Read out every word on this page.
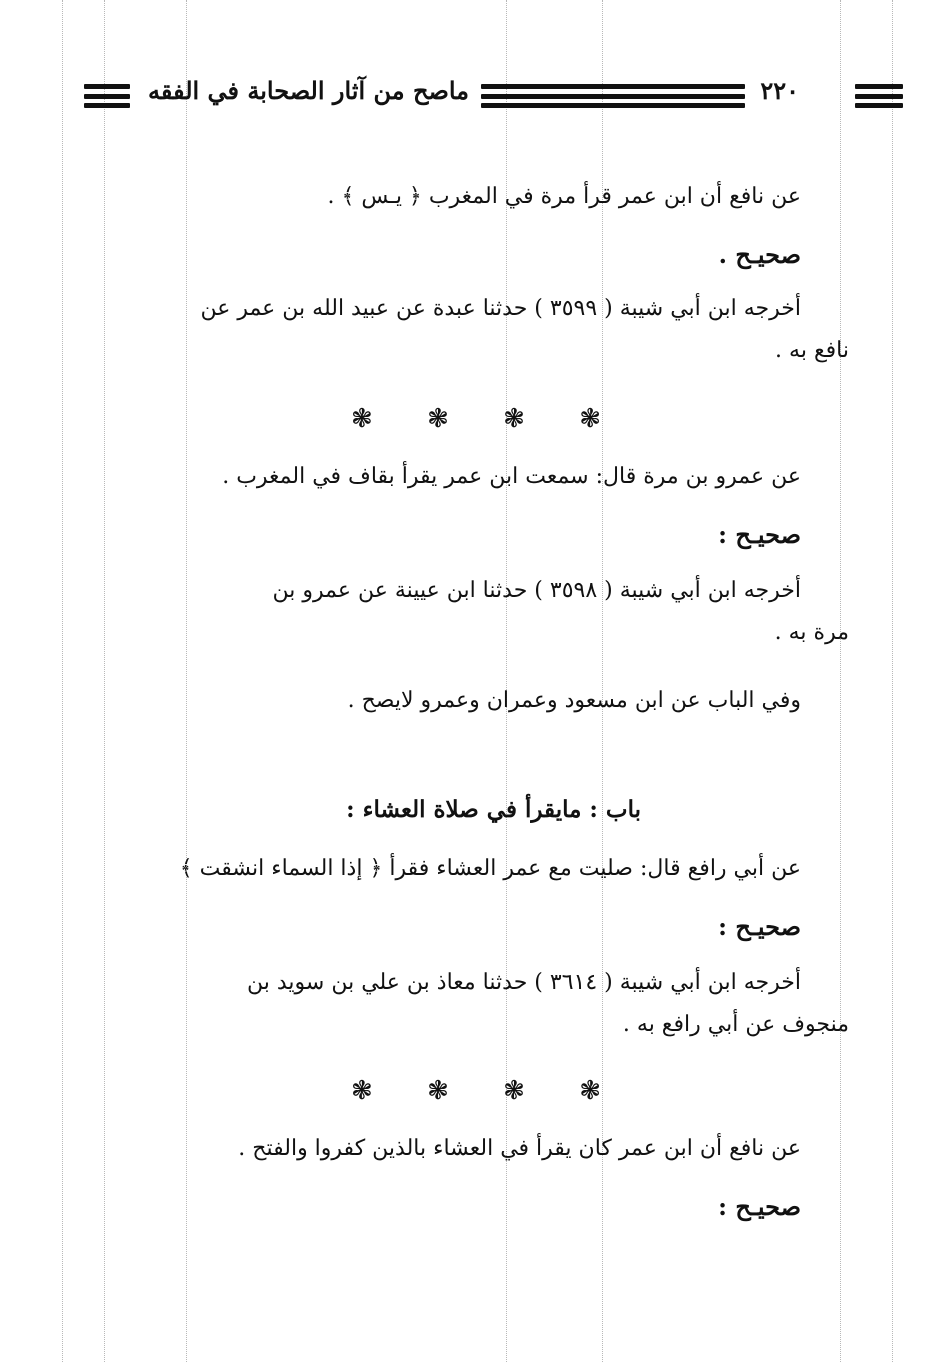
٢٢٠
ماصح من آثار الصحابة في الفقه
عن نافع أن ابن عمر قرأ مرة في المغرب ﴿ يـس ﴾ .
صحيـح .
أخرجه ابن أبي شيبة ( ٣٥٩٩ ) حدثنا عبدة عن عبيد الله بن عمر عن
نافع به .
❃
❃
❃
❃
عن عمرو بن مرة قال: سمعت ابن عمر يقرأ بقاف في المغرب .
صحيـح :
أخرجه ابن أبي شيبة ( ٣٥٩٨ ) حدثنا ابن عيينة عن عمرو بن
مرة به .
وفي الباب عن ابن مسعود وعمران وعمرو لايصح .
باب : مايقرأ في صلاة العشاء :
عن أبي رافع قال: صليت مع عمر العشاء فقرأ ﴿ إذا السماء انشقت ﴾
صحيـح :
أخرجه ابن أبي شيبة ( ٣٦١٤ ) حدثنا معاذ بن علي بن سويد بن
منجوف عن أبي رافع به .
❃
❃
❃
❃
عن نافع أن ابن عمر كان يقرأ في العشاء بالذين كفروا والفتح .
صحيـح :
